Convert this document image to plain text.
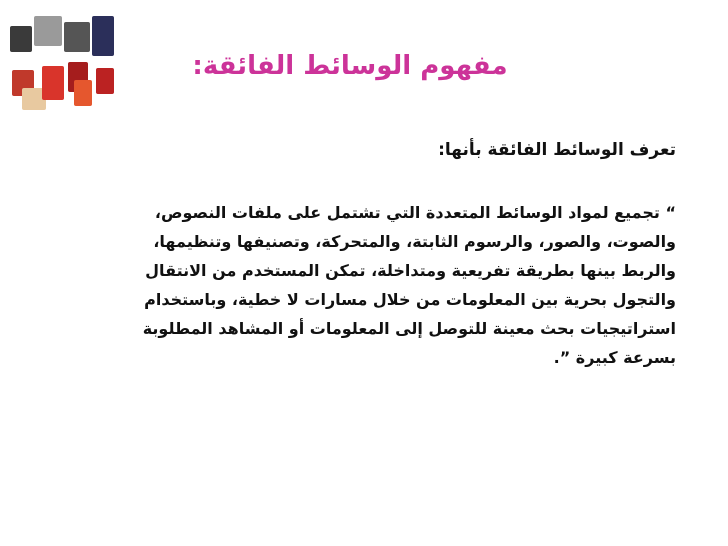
مفهوم الوسائط الفائقة:
تعرف الوسائط الفائقة بأنها:
“ تجميع لمواد الوسائط المتعددة التي تشتمل على ملفات النصوص،
والصوت، والصور، والرسوم الثابتة، والمتحركة، وتصنيفها وتنظيمها،
والربط بينها بطريقة تفريعية ومتداخلة، تمكن المستخدم من الانتقال
والتجول بحرية بين المعلومات من خلال مسارات لا خطية، وباستخدام
استراتيجيات بحث معينة للتوصل إلى المعلومات أو المشاهد المطلوبة
بسرعة كبيرة ”.
